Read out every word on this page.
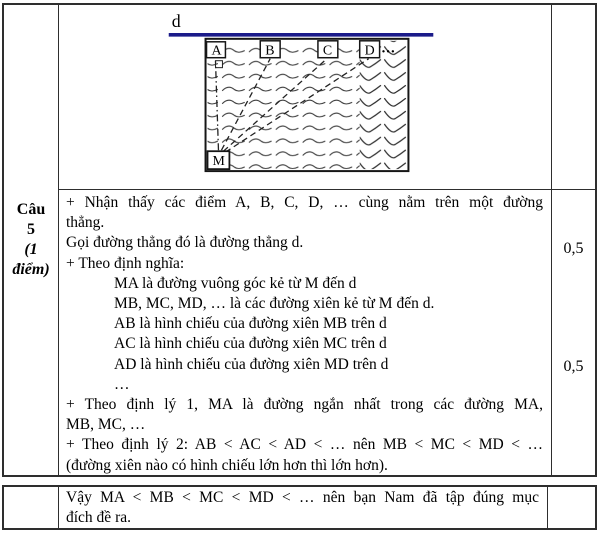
Câu
5
(1 điểm)
d
A	B	C D ...
M
+ Nhận thấy các điểm A, B, C, D, … cùng nằm trên một đường
thẳng.
Gọi đường thẳng đó là đường thẳng d.
+ Theo định nghĩa:
MA là đường vuông góc kẻ từ M đến d
MB, MC, MD, … là các đường xiên kẻ từ M đến d.
AB là hình chiếu của đường xiên MB trên d
AC là hình chiếu của đường xiên MC trên d
AD là hình chiếu của đường xiên MD trên d
…
+ Theo định lý 1, MA là đường ngắn nhất trong các đường MA,
MB, MC, …
+ Theo định lý 2: AB < AC < AD < … nên MB < MC < MD < …
(đường xiên nào có hình chiếu lớn hơn thì lớn hơn).
0,5
0,5
Vậy MA < MB < MC < MD < … nên bạn Nam đã tập đúng mục
đích đề ra.
